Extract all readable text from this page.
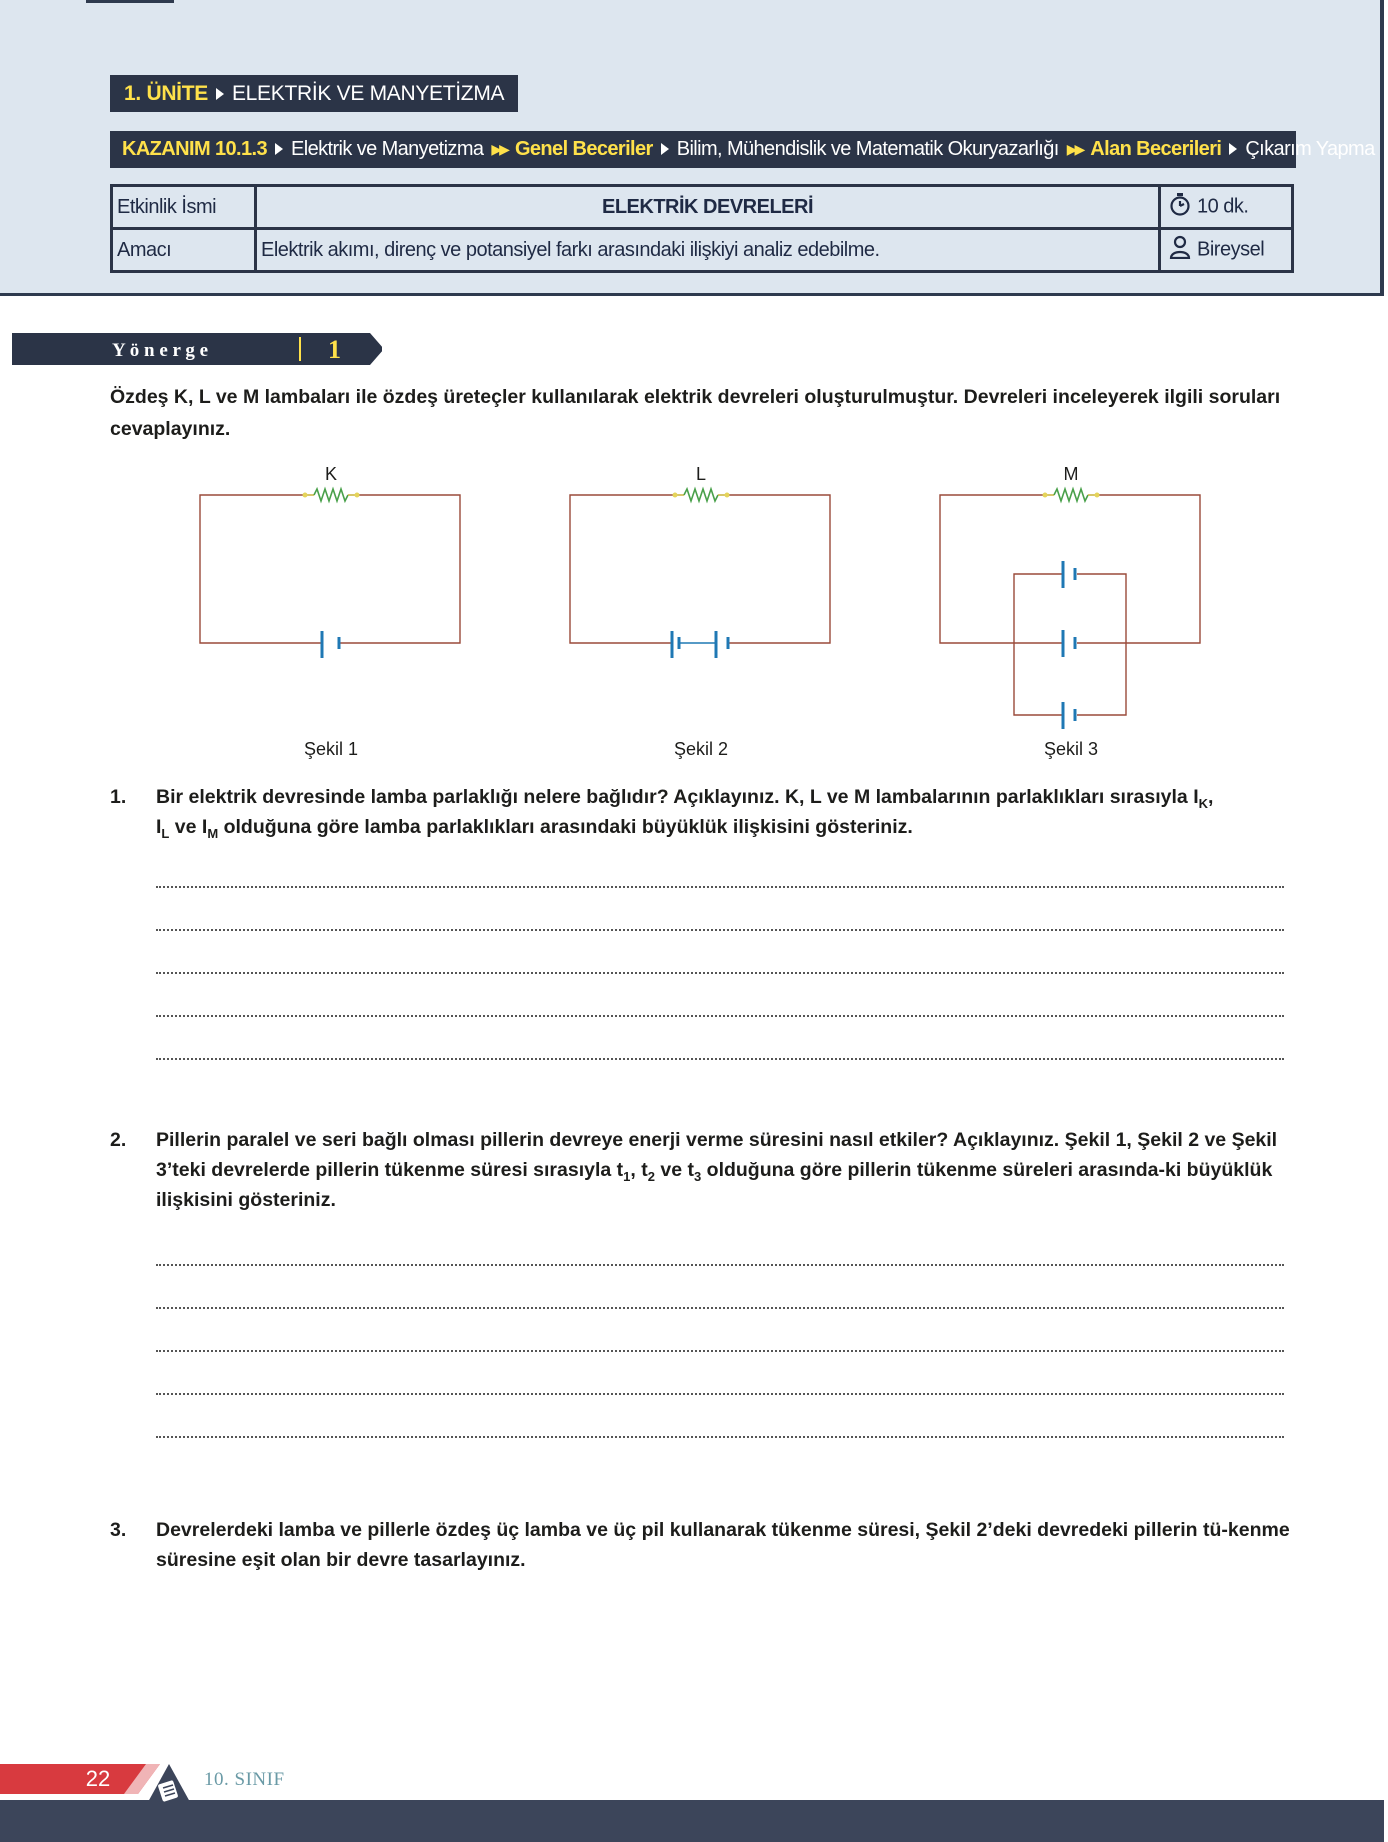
1. ÜNİTE ELEKTRİK VE MANYETİZMA
KAZANIM 10.1.3 Elektrik ve Manyetizma ▶▶ Genel Beceriler Bilim, Mühendislik ve Matematik Okuryazarlığı ▶▶ Alan Becerileri Çıkarım Yapma
Etkinlik İsmi	ELEKTRİK DEVRELERİ	10 dk.
Amacı	Elektrik akımı, direnç ve potansiyel farkı arasındaki ilişkiyi analiz edebilme.	Bireysel
Y ö n e r g e	1
Özdeş K, L ve M lambaları ile özdeş üreteçler kullanılarak elektrik devreleri oluşturulmuştur. Devreleri inceleyerek ilgili soruları cevaplayınız.
K
Şekil 1
L
Şekil 2
M
Şekil 3
1. Bir elektrik devresinde lamba parlaklığı nelere bağlıdır? Açıklayınız. K, L ve M lambalarının parlaklıkları sırasıyla $I_K$,
$I_L$ ve $I_M$ olduğuna göre lamba parlaklıkları arasındaki büyüklük ilişkisini gösteriniz.
2. Pillerin paralel ve seri bağlı olması pillerin devreye enerji verme süresini nasıl etkiler? Açıklayınız. Şekil 1, Şekil 2 ve Şekil 3’teki devrelerde pillerin tükenme süresi sırasıyla $t_1$, $t_2$ ve $t_3$ olduğuna göre pillerin tükenme süreleri arasında-ki büyüklük ilişkisini gösteriniz.
3. Devrelerdeki lamba ve pillerle özdeş üç lamba ve üç pil kullanarak tükenme süresi, Şekil 2’deki devredeki pillerin tü-kenme süresine eşit olan bir devre tasarlayınız.
22	10. SINIF
